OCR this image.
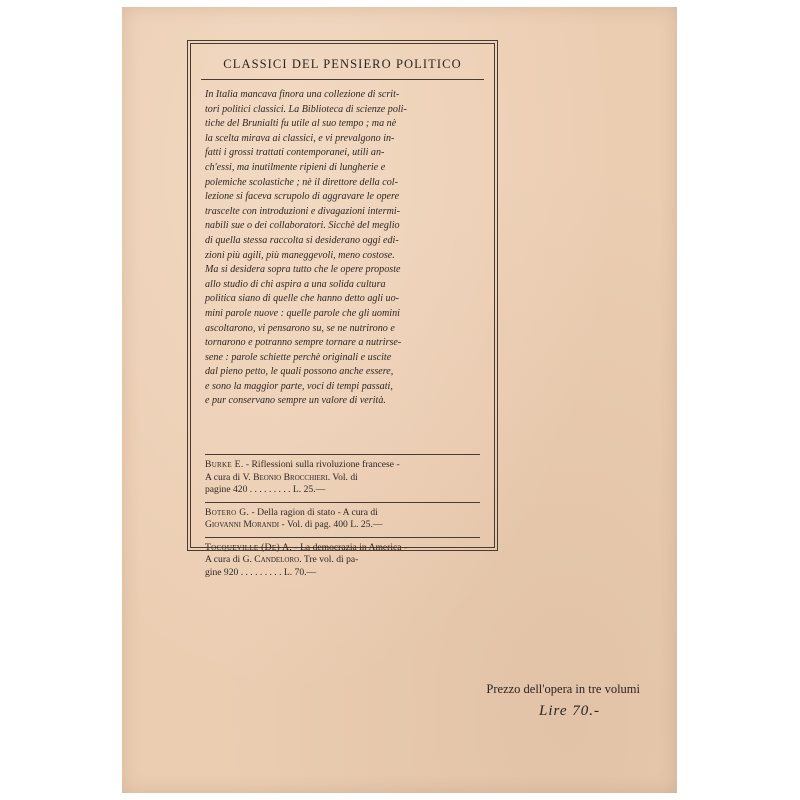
CLASSICI DEL PENSIERO POLITICO

In Italia mancava finora una collezione di scrit-
tori politici classici. La Biblioteca di scienze poli-
tiche del Brunialti fu utile al suo tempo ; ma nè
la scelta mirava ai classici, e vi prevalgono in-
fatti i grossi trattati contemporanei, utili an-
ch'essi, ma inutilmente ripieni di lungherie e
polemiche scolastiche ; nè il direttore della col-
lezione si faceva scrupolo di aggravare le opere
trascelte con introduzioni e divagazioni intermi-
nabili sue o dei collaboratori. Sicchè del meglio
di quella stessa raccolta si desiderano oggi edi-
zioni più agili, più maneggevoli, meno costose.
Ma si desidera sopra tutto che le opere proposte
allo studio di chi aspira a una solida cultura
politica siano di quelle che hanno detto agli uo-
mini parole nuove : quelle parole che gli uomini
ascoltarono, vi pensarono su, se ne nutrirono e
tornarono e potranno sempre tornare a nutrirse-
sene : parole schiette perchè originali e uscite
dal pieno petto, le quali possono anche essere,
e sono la maggior parte, voci di tempi passati,
e pur conservano sempre un valore di verità.

Burke E. - Riflessioni sulla rivoluzione francese -
A cura di V. Beonio Brocchieri. Vol. di
pagine 420 . . . . . . . . . L. 25.—
Botero G. - Della ragion di stato - A cura di
Giovanni Morandi - Vol. di pag. 400 L. 25.—
Tocqueville (De) A. - La democrazia in America -
A cura di G. Candeloro. Tre vol. di pa-
gine 920 . . . . . . . . . L. 70.—
Prezzo dell'opera in tre volumi
Lire 70.-
